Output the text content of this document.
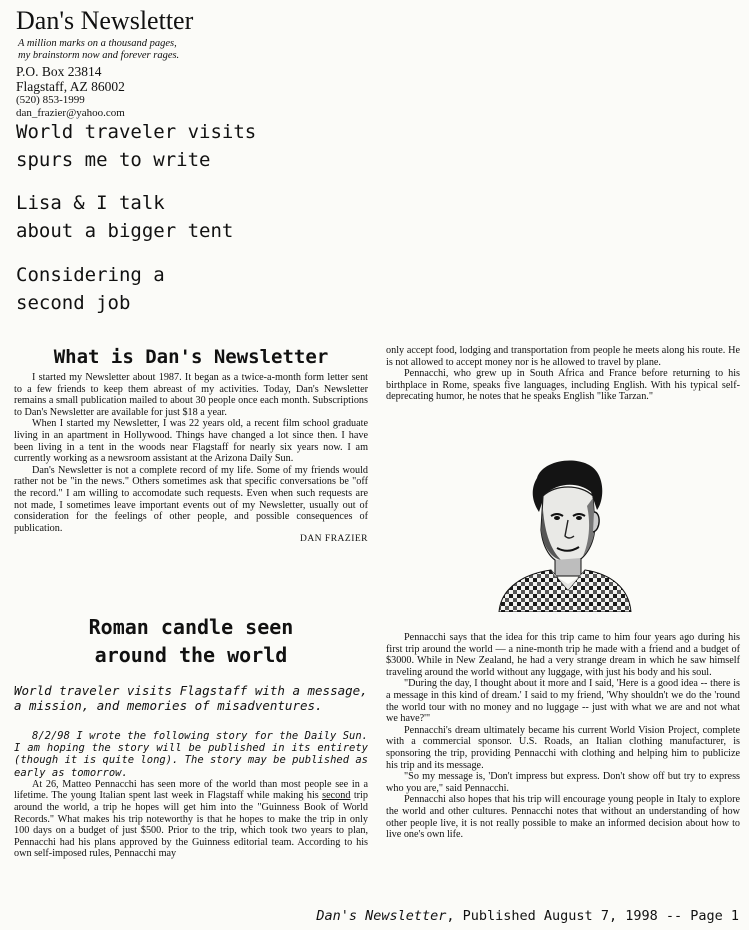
Dan's Newsletter
A million marks on a thousand pages,
my brainstorm now and forever rages.
P.O. Box 23814
Flagstaff, AZ 86002
(520) 853-1999
dan_frazier@yahoo.com
World traveler visits
spurs me to write
Lisa & I talk
about a bigger tent
Considering a
second job
What is Dan's Newsletter

I started my Newsletter about 1987. It began as a twice-a-month form letter sent to a few friends to keep them abreast of my activities. Today, Dan's Newsletter remains a small publication mailed to about 30 people once each month. Subscriptions to Dan's Newsletter are available for just $18 a year.

When I started my Newsletter, I was 22 years old, a recent film school graduate living in an apartment in Hollywood. Things have changed a lot since then. I have been living in a tent in the woods near Flagstaff for nearly six years now. I am currently working as a newsroom assistant at the Arizona Daily Sun.

Dan's Newsletter is not a complete record of my life. Some of my friends would rather not be "in the news." Others sometimes ask that specific conversations be "off the record." I am willing to accomodate such requests. Even when such requests are not made, I sometimes leave important events out of my Newsletter, usually out of consideration for the feelings of other people, and possible consequences of publication.

DAN FRAZIER
Roman candle seen
around the world
World traveler visits Flagstaff with a message, a mission, and memories of misadventures.

8/2/98 I wrote the following story for the Daily Sun. I am hoping the story will be published in its entirety (though it is quite long). The story may be published as early as tomorrow.

At 26, Matteo Pennacchi has seen more of the world than most people see in a lifetime. The young Italian spent last week in Flagstaff while making his second trip around the world, a trip he hopes will get him into the "Guinness Book of World Records." What makes his trip noteworthy is that he hopes to make the trip in only 100 days on a budget of just $500. Prior to the trip, which took two years to plan, Pennacchi had his plans approved by the Guinness editorial team. According to his own self-imposed rules, Pennacchi may

only accept food, lodging and transportation from people he meets along his route. He is not allowed to accept money nor is he allowed to travel by plane.

Pennacchi, who grew up in South Africa and France before returning to his birthplace in Rome, speaks five languages, including English. With his typical self-deprecating humor, he notes that he speaks English "like Tarzan."

Pennacchi says that the idea for this trip came to him four years ago during his first trip around the world — a nine-month trip he made with a friend and a budget of $3000. While in New Zealand, he had a very strange dream in which he saw himself traveling around the world without any luggage, with just his body and his soul.

"During the day, I thought about it more and I said, 'Here is a good idea -- there is a message in this kind of dream.' I said to my friend, 'Why shouldn't we do the 'round the world tour with no money and no luggage -- just with what we are and not what we have?'"

Pennacchi's dream ultimately became his current World Vision Project, complete with a commercial sponsor. U.S. Roads, an Italian clothing manufacturer, is sponsoring the trip, providing Pennacchi with clothing and helping him to publicize his trip and its message.

"So my message is, 'Don't impress but express. Don't show off but try to express who you are," said Pennacchi.

Pennacchi also hopes that his trip will encourage young people in Italy to explore the world and other cultures. Pennacchi notes that without an understanding of how other people live, it is not really possible to make an informed decision about how to live one's own life.

Dan's Newsletter, Published August 7, 1998 -- Page 1
